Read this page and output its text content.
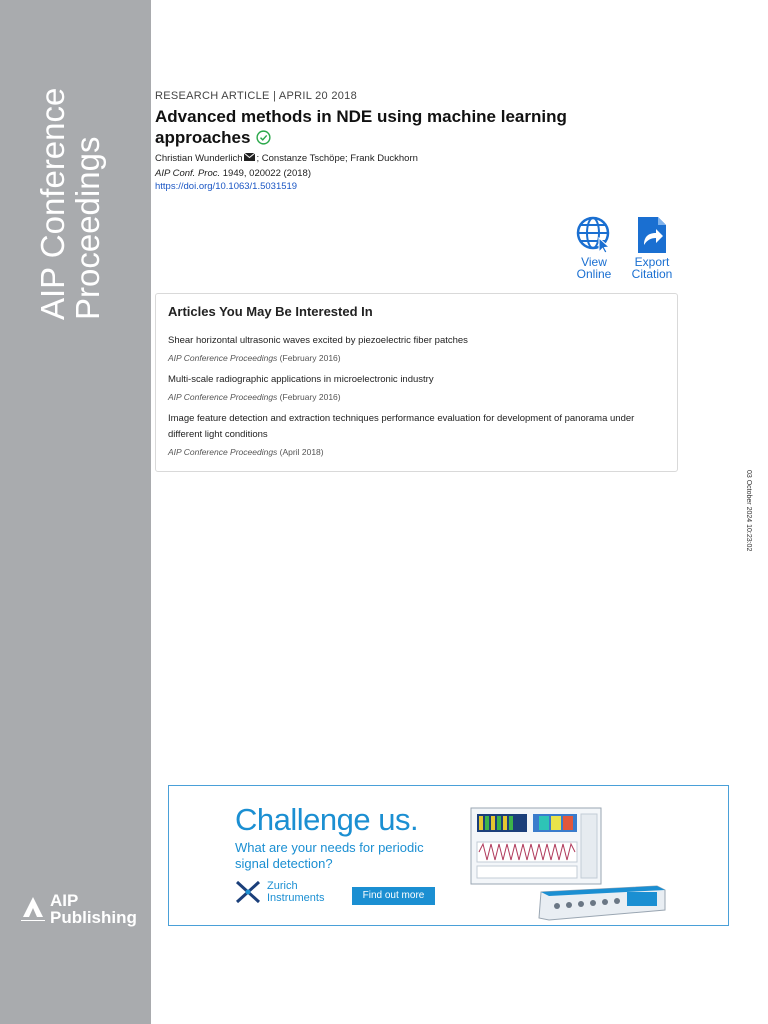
AIP Conference
Proceedings
AIP
Publishing
RESEARCH ARTICLE | APRIL 20 2018
Advanced methods in NDE using machine learning approaches
Christian Wunderlich ; Constanze Tschöpe; Frank Duckhorn
AIP Conf. Proc. 1949, 020022 (2018)
https://doi.org/10.1063/1.5031519
View
Online
Export
Citation
Articles You May Be Interested In
Shear horizontal ultrasonic waves excited by piezoelectric fiber patches
AIP Conference Proceedings (February 2016)
Multi-scale radiographic applications in microelectronic industry
AIP Conference Proceedings (February 2016)
Image feature detection and extraction techniques performance evaluation for development of panorama under different light conditions
AIP Conference Proceedings (April 2018)
03 October 2024 10:23:02
Challenge us.
What are your needs for periodic signal detection?
Zurich
Instruments	Find out more
